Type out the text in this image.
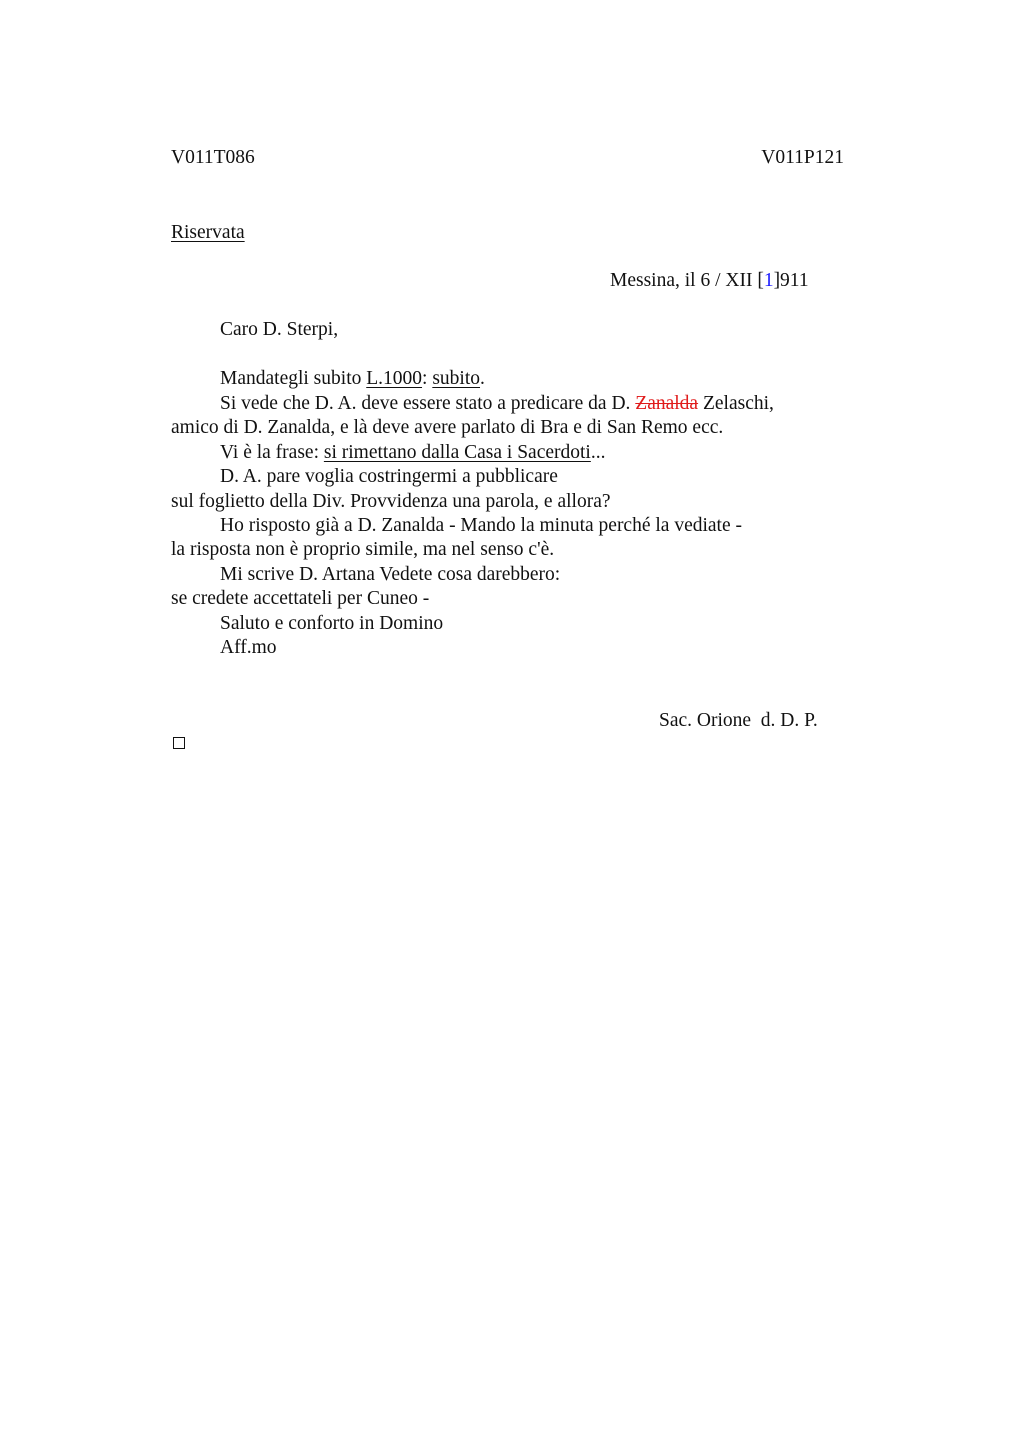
V011T086	V011P121
Riservata
Messina, il 6 / XII [1]911
Caro D. Sterpi,
Mandategli subito L.1000: subito.
Si vede che D. A. deve essere stato a predicare da D. Zanalda Zelaschi,
amico di D. Zanalda, e là deve avere parlato di Bra e di San Remo ecc.
Vi è la frase: si rimettano dalla Casa i Sacerdoti...
D. A. pare voglia costringermi a pubblicare
sul foglietto della Div. Provvidenza una parola, e allora?
Ho risposto già a D. Zanalda - Mando la minuta perché la vediate -
la risposta non è proprio simile, ma nel senso c'è.
Mi scrive D. Artana Vedete cosa darebbero:
se credete accettateli per Cuneo -
Saluto e conforto in Domino
Aff.mo
Sac. Orione  d. D. P.
